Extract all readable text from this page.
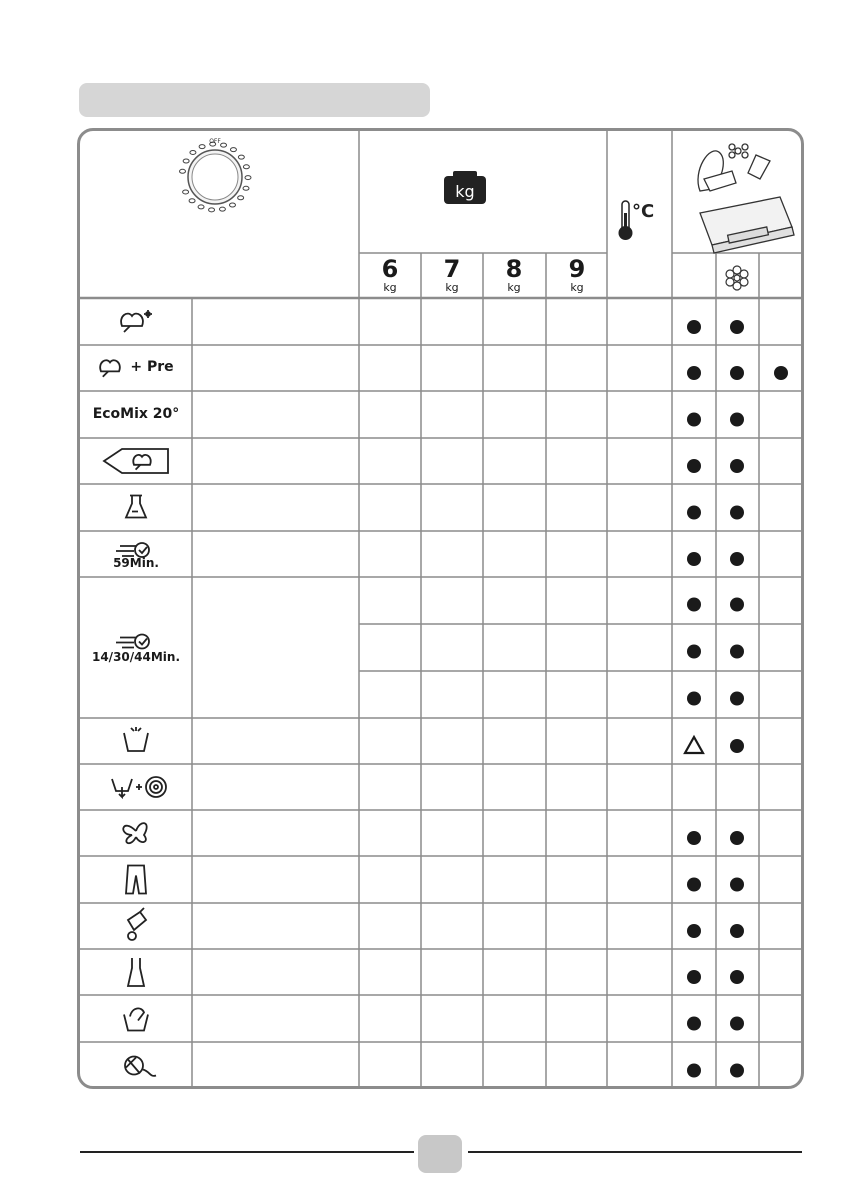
OFF
kg
°C
6
kg
7
kg
8
kg
9
kg
+ Pre
EcoMix 20°
59Min.
14/30/44Min.
